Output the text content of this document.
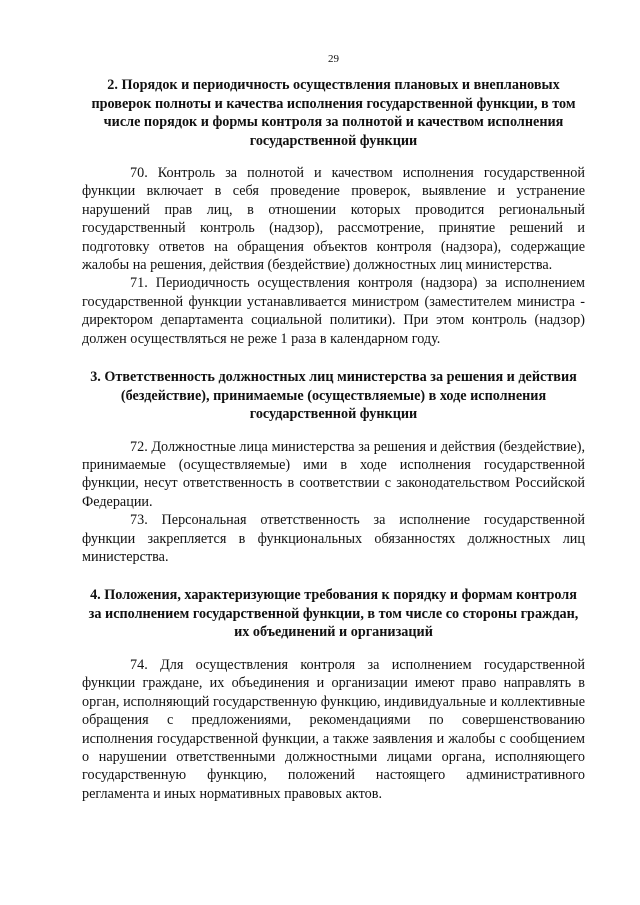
29

2. Порядок и периодичность осуществления плановых и внеплановых проверок полноты и качества исполнения государственной функции, в том числе порядок и формы контроля за полнотой и качеством исполнения государственной функции

70. Контроль за полнотой и качеством исполнения государственной функции включает в себя проведение проверок, выявление и устранение нарушений прав лиц, в отношении которых проводится региональный государственный контроль (надзор), рассмотрение, принятие решений и подготовку ответов на обращения объектов контроля (надзора), содержащие жалобы на решения, действия (бездействие) должностных лиц министерства.

71. Периодичность осуществления контроля (надзора) за исполнением государственной функции устанавливается министром (заместителем министра - директором департамента социальной политики). При этом контроль (надзор) должен осуществляться не реже 1 раза в календарном году.

3. Ответственность должностных лиц министерства за решения и действия (бездействие), принимаемые (осуществляемые) в ходе исполнения государственной функции

72. Должностные лица министерства за решения и действия (бездействие), принимаемые (осуществляемые) ими в ходе исполнения государственной функции, несут ответственность в соответствии с законодательством Российской Федерации.

73. Персональная ответственность за исполнение государственной функции закрепляется в функциональных обязанностях должностных лиц министерства.

4. Положения, характеризующие требования к порядку и формам контроля за исполнением государственной функции, в том числе со стороны граждан, их объединений и организаций

74. Для осуществления контроля за исполнением государственной функции граждане, их объединения и организации имеют право направлять в орган, исполняющий государственную функцию, индивидуальные и коллективные обращения с предложениями, рекомендациями по совершенствованию исполнения государственной функции, а также заявления и жалобы с сообщением о нарушении ответственными должностными лицами органа, исполняющего государственную функцию, положений настоящего административного регламента и иных нормативных правовых актов.
